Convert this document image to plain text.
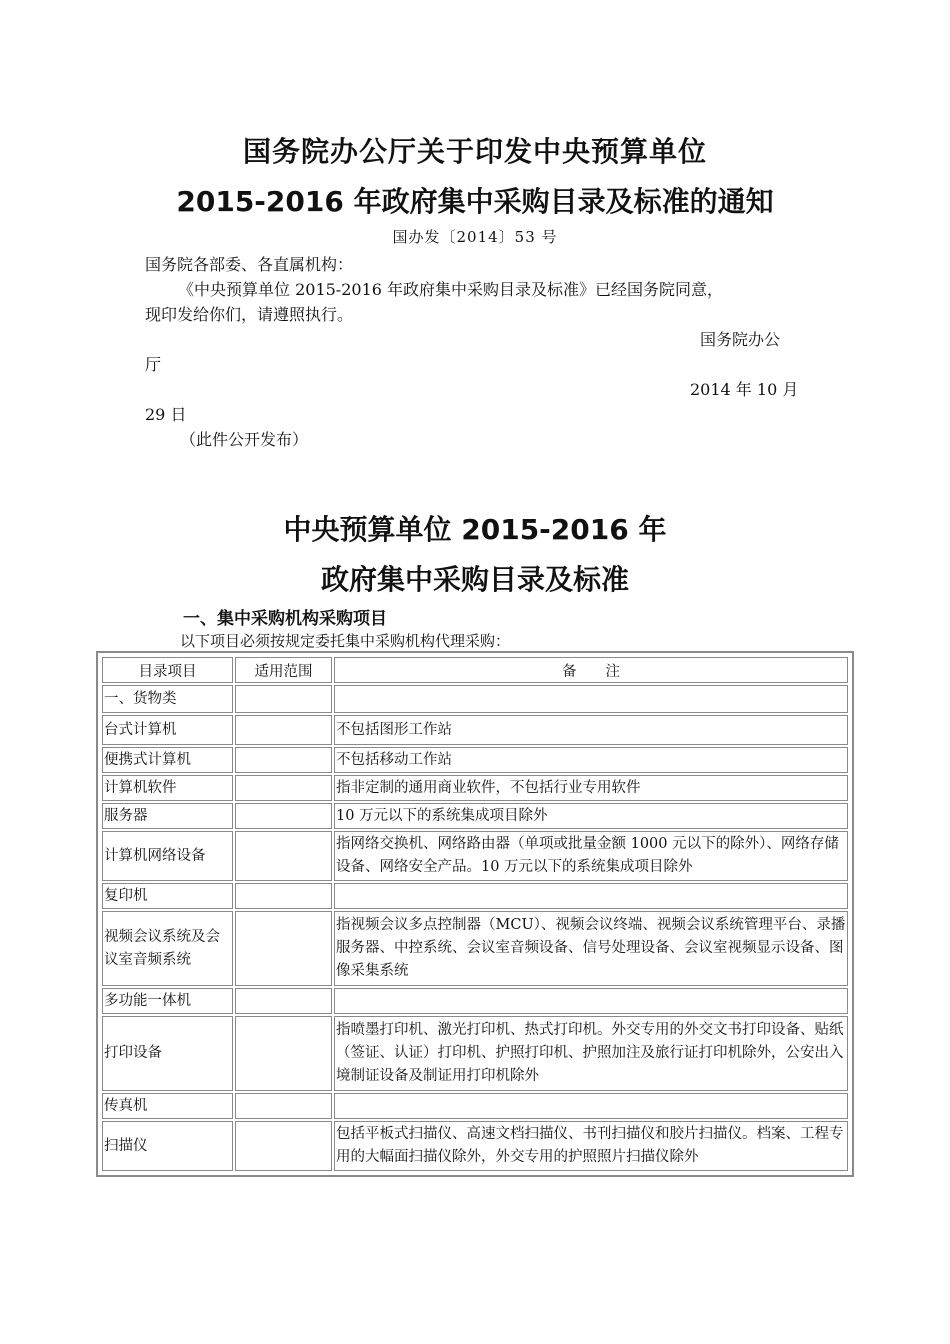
国务院办公厅关于印发中央预算单位
2015-2016 年政府集中采购目录及标准的通知
国办发〔2014〕53 号
国务院各部委、各直属机构：
《中央预算单位 2015-2016 年政府集中采购目录及标准》已经国务院同意，
现印发给你们，请遵照执行。
国务院办公
厅
2014 年 10 月
29 日
（此件公开发布）
中央预算单位 2015-2016 年
政府集中采购目录及标准
一、集中采购机构采购项目
以下项目必须按规定委托集中采购机构代理采购：
目录项目	适用范围	备　　注
一、货物类		
台式计算机		不包括图形工作站
便携式计算机		不包括移动工作站
计算机软件		指非定制的通用商业软件，不包括行业专用软件
服务器		10 万元以下的系统集成项目除外
计算机网络设备		指网络交换机、网络路由器（单项或批量金额 1000 元以下的除外）、网络存储设备、网络安全产品。10 万元以下的系统集成项目除外
复印机		
视频会议系统及会议室音频系统		指视频会议多点控制器（MCU）、视频会议终端、视频会议系统管理平台、录播服务器、中控系统、会议室音频设备、信号处理设备、会议室视频显示设备、图像采集系统
多功能一体机		
打印设备		指喷墨打印机、激光打印机、热式打印机。外交专用的外交文书打印设备、贴纸（签证、认证）打印机、护照打印机、护照加注及旅行证打印机除外，公安出入境制证设备及制证用打印机除外
传真机		
扫描仪		包括平板式扫描仪、高速文档扫描仪、书刊扫描仪和胶片扫描仪。档案、工程专用的大幅面扫描仪除外，外交专用的护照照片扫描仪除外
